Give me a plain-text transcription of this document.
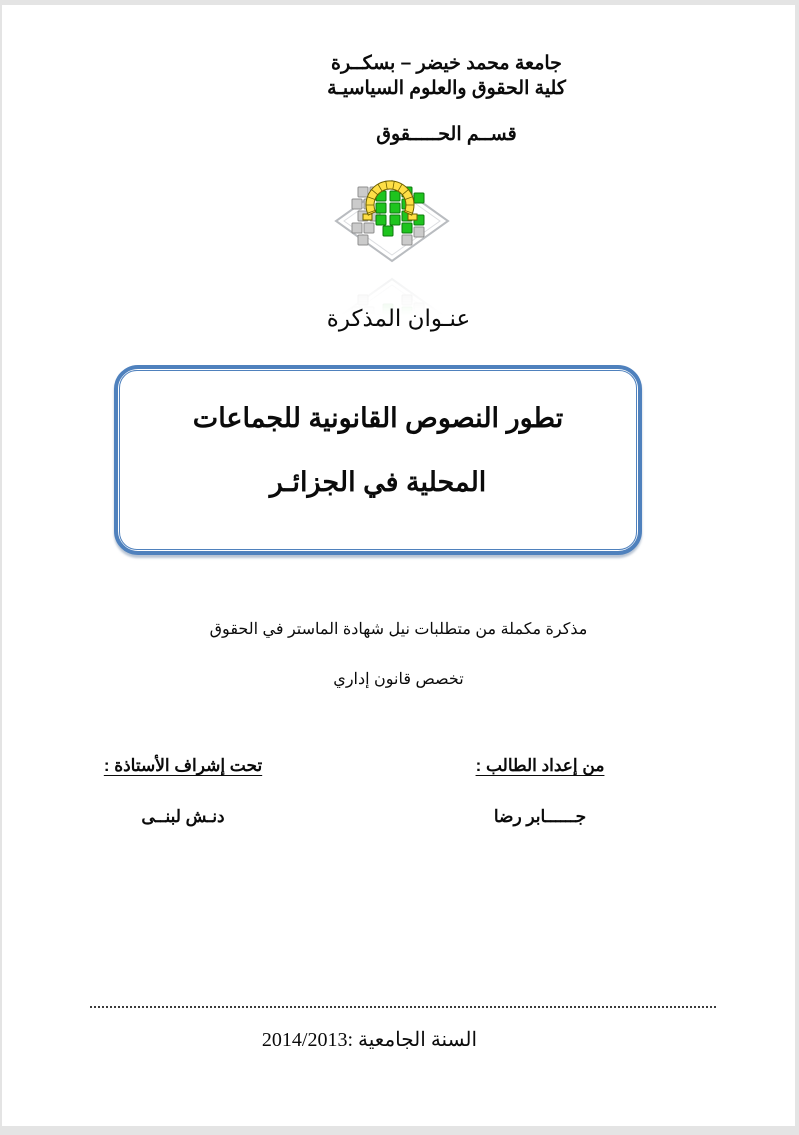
جامعة محمد خيضر – بسكــرة
كلية الحقوق والعلوم السياسيـة
قســم الحـــــقوق
عنـوان المذكرة
تطور النصوص القانونية للجماعات
المحلية في الجزائـر
مذكرة مكملة من متطلبات نيل شهادة الماستر في الحقوق
تخصص قانون إداري
من إعداد الطالب :
جــــــابر رضا
تحت إشراف الأستاذة :
دنـش لبنــى
السنة الجامعية :2014/2013
